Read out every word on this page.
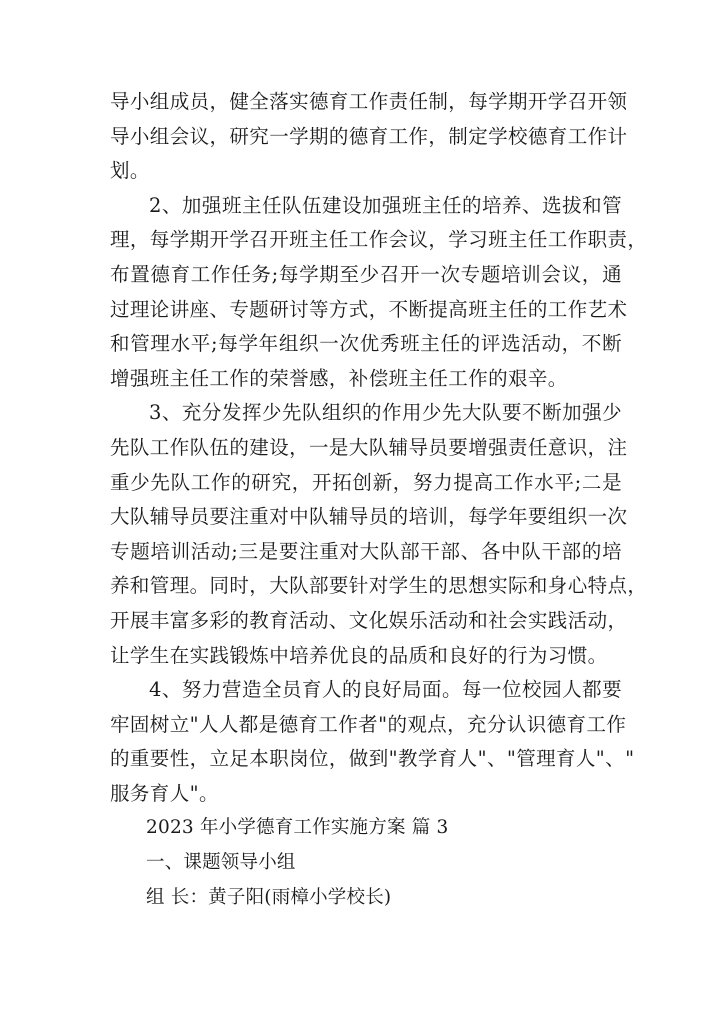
导小组成员，健全落实德育工作责任制，每学期开学召开领
导小组会议，研究一学期的德育工作，制定学校德育工作计
划。
2、加强班主任队伍建设加强班主任的培养、选拔和管
理，每学期开学召开班主任工作会议，学习班主任工作职责，
布置德育工作任务;每学期至少召开一次专题培训会议，通
过理论讲座、专题研讨等方式，不断提高班主任的工作艺术
和管理水平;每学年组织一次优秀班主任的评选活动，不断
增强班主任工作的荣誉感，补偿班主任工作的艰辛。
3、充分发挥少先队组织的作用少先大队要不断加强少
先队工作队伍的建设，一是大队辅导员要增强责任意识，注
重少先队工作的研究，开拓创新，努力提高工作水平;二是
大队辅导员要注重对中队辅导员的培训，每学年要组织一次
专题培训活动;三是要注重对大队部干部、各中队干部的培
养和管理。同时，大队部要针对学生的思想实际和身心特点，
开展丰富多彩的教育活动、文化娱乐活动和社会实践活动，
让学生在实践锻炼中培养优良的品质和良好的行为习惯。
4、努力营造全员育人的良好局面。每一位校园人都要
牢固树立"人人都是德育工作者"的观点，充分认识德育工作
的重要性，立足本职岗位，做到"教学育人"、"管理育人"、"
服务育人"。
2023 年小学德育工作实施方案 篇 3
一、课题领导小组
组 长：黄子阳(雨樟小学校长)
